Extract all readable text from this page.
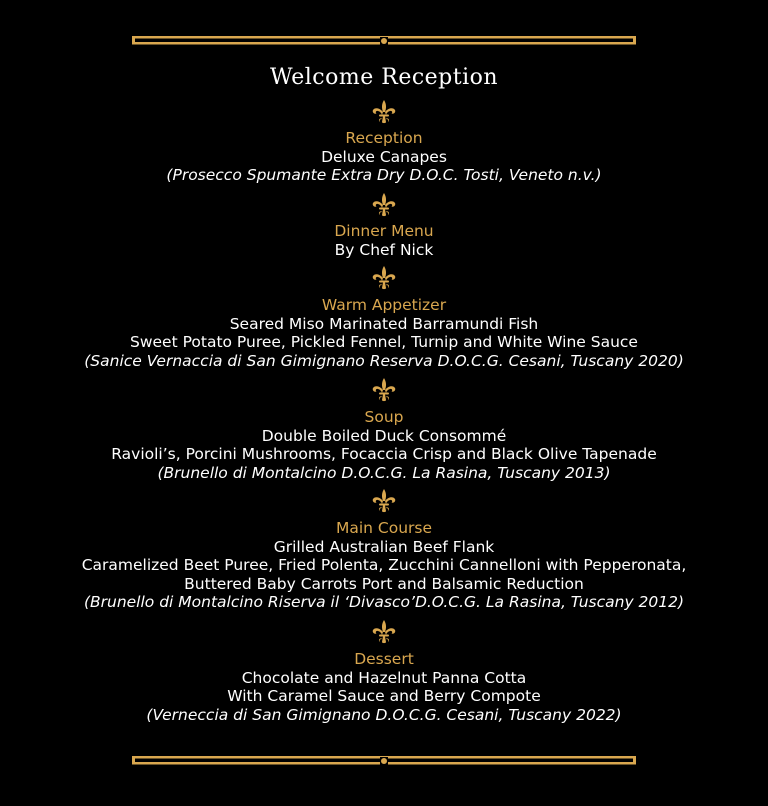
Welcome Reception
Reception
Deluxe Canapes
(Prosecco Spumante Extra Dry D.O.C. Tosti, Veneto n.v.)
Dinner Menu
By Chef Nick
Warm Appetizer
Seared Miso Marinated Barramundi Fish
Sweet Potato Puree, Pickled Fennel, Turnip and White Wine Sauce
(Sanice Vernaccia di San Gimignano Reserva D.O.C.G. Cesani, Tuscany 2020)
Soup
Double Boiled Duck Consommé
Ravioli’s, Porcini Mushrooms, Focaccia Crisp and Black Olive Tapenade
(Brunello di Montalcino D.O.C.G. La Rasina, Tuscany 2013)
Main Course
Grilled Australian Beef Flank
Caramelized Beet Puree, Fried Polenta, Zucchini Cannelloni with Pepperonata,
Buttered Baby Carrots Port and Balsamic Reduction
(Brunello di Montalcino Riserva il ‘Divasco’D.O.C.G. La Rasina, Tuscany 2012)
Dessert
Chocolate and Hazelnut Panna Cotta
With Caramel Sauce and Berry Compote
(Verneccia di San Gimignano D.O.C.G. Cesani, Tuscany 2022)
